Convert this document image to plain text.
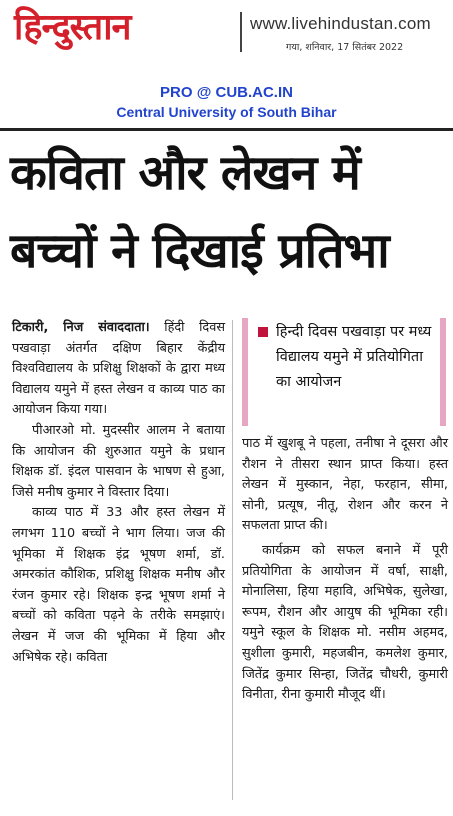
हिन्दुस्तान	www.livehindustan.com
गया, शनिवार, 17 सितंबर 2022
PRO @ CUB.AC.IN
Central University of South Bihar
कविता और लेखन में
बच्चों ने दिखाई प्रतिभा

टिकारी, निज संवाददाता। हिंदी दिवस पखवाड़ा अंतर्गत दक्षिण बिहार केंद्रीय विश्वविद्यालय के प्रशिक्षु शिक्षकों के द्वारा मध्य विद्यालय यमुने में हस्त लेखन व काव्य पाठ का आयोजन किया गया।

पीआरओ मो. मुदस्सीर आलम ने बताया कि आयोजन की शुरुआत यमुने के प्रधान शिक्षक डॉ. इंदल पासवान के भाषण से हुआ, जिसे मनीष कुमार ने विस्तार दिया।

काव्य पाठ में 33 और हस्त लेखन में लगभग 110 बच्चों ने भाग लिया। जज की भूमिका में शिक्षक इंद्र भूषण शर्मा, डॉ. अमरकांत कौशिक, प्रशिक्षु शिक्षक मनीष और रंजन कुमार रहे। शिक्षक इन्द्र भूषण शर्मा ने बच्चों को कविता पढ़ने के तरीके समझाएं। लेखन में जज की भूमिका में हिया और अभिषेक रहे। कविता

हिन्दी दिवस पखवाड़ा पर मध्य विद्यालय यमुने में प्रतियोगिता का आयोजन

पाठ में खुशबू ने पहला, तनीषा ने दूसरा और रौशन ने तीसरा स्थान प्राप्त किया। हस्त लेखन में मुस्कान, नेहा, फरहान, सीमा, सोनी, प्रत्यूष, नीतू, रोशन और करन ने सफलता प्राप्त की।

कार्यक्रम को सफल बनाने में पूरी प्रतियोगिता के आयोजन में वर्षा, साक्षी, मोनालिसा, हिया महावि, अभिषेक, सुलेखा, रूपम, रौशन और आयुष की भूमिका रही। यमुने स्कूल के शिक्षक मो. नसीम अहमद, सुशीला कुमारी, महजबीन, कमलेश कुमार, जितेंद्र कुमार सिन्हा, जितेंद्र चौधरी, कुमारी विनीता, रीना कुमारी मौजूद थीं।
